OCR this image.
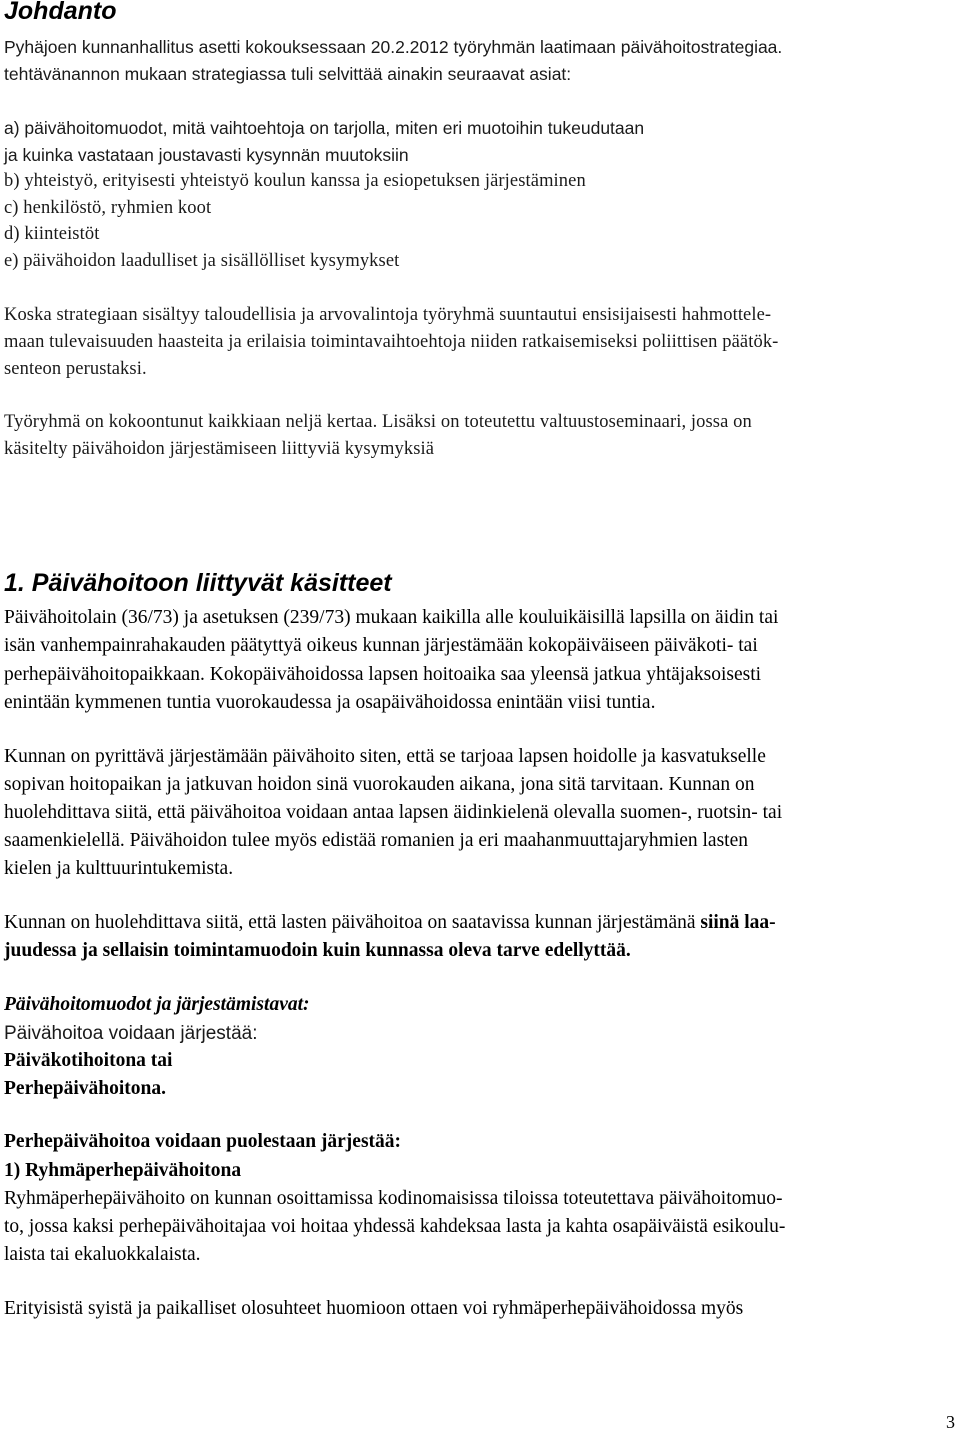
Johdanto
Pyhäjoen kunnanhallitus asetti kokouksessaan 20.2.2012 työryhmän laatimaan päivähoitostrategiaa.
tehtävänannon mukaan strategiassa tuli selvittää ainakin seuraavat asiat:
a) päivähoitomuodot, mitä vaihtoehtoja on tarjolla, miten eri muotoihin tukeudutaan
ja kuinka vastataan joustavasti kysynnän muutoksiin
b) yhteistyö, erityisesti yhteistyö koulun kanssa ja esiopetuksen järjestäminen
c) henkilöstö, ryhmien koot
d) kiinteistöt
e) päivähoidon laadulliset ja sisällölliset kysymykset
Koska strategiaan sisältyy taloudellisia ja arvovalintoja työryhmä suuntautui ensisijaisesti hahmottele-
maan tulevaisuuden haasteita ja erilaisia toimintavaihtoehtoja niiden ratkaisemiseksi poliittisen päätök-
senteon perustaksi.
Työryhmä on kokoontunut kaikkiaan neljä kertaa. Lisäksi on toteutettu valtuustoseminaari, jossa on
käsitelty päivähoidon järjestämiseen liittyviä kysymyksiä
1. Päivähoitoon liittyvät käsitteet
Päivähoitolain (36/73) ja asetuksen (239/73) mukaan kaikilla alle kouluikäisillä lapsilla on äidin tai
isän vanhempainrahakauden päätyttyä oikeus kunnan järjestämään kokopäiväiseen päiväkoti- tai
perhepäivähoitopaikkaan. Kokopäivähoidossa lapsen hoitoaika saa yleensä jatkua yhtäjaksoisesti
enintään kymmenen tuntia vuorokaudessa ja osapäivähoidossa enintään viisi tuntia.
Kunnan on pyrittävä järjestämään päivähoito siten, että se tarjoaa lapsen hoidolle ja kasvatukselle
sopivan hoitopaikan ja jatkuvan hoidon sinä vuorokauden aikana, jona sitä tarvitaan. Kunnan on
huolehdittava siitä, että päivähoitoa voidaan antaa lapsen äidinkielenä olevalla suomen-, ruotsin- tai
saamenkielellä. Päivähoidon tulee myös edistää romanien ja eri maahanmuuttajaryhmien lasten
kielen ja kulttuurintukemista.
Kunnan on huolehdittava siitä, että lasten päivähoitoa on saatavissa kunnan järjestämänä siinä laa-
juudessa ja sellaisin toimintamuodoin kuin kunnassa oleva tarve edellyttää.
Päivähoitomuodot ja järjestämistavat:
Päivähoitoa voidaan järjestää:
Päiväkotihoitona tai
Perhepäivähoitona.
Perhepäivähoitoa voidaan puolestaan järjestää:
1) Ryhmäperhepäivähoitona
Ryhmäperhepäivähoito on kunnan osoittamissa kodinomaisissa tiloissa toteutettava päivähoitomuo-
to, jossa kaksi perhepäivähoitajaa voi hoitaa yhdessä kahdeksaa lasta ja kahta osapäiväistä esikoulu-
laista tai ekaluokkalaista.
Erityisistä syistä ja paikalliset olosuhteet huomioon ottaen voi ryhmäperhepäivähoidossa myös
3
